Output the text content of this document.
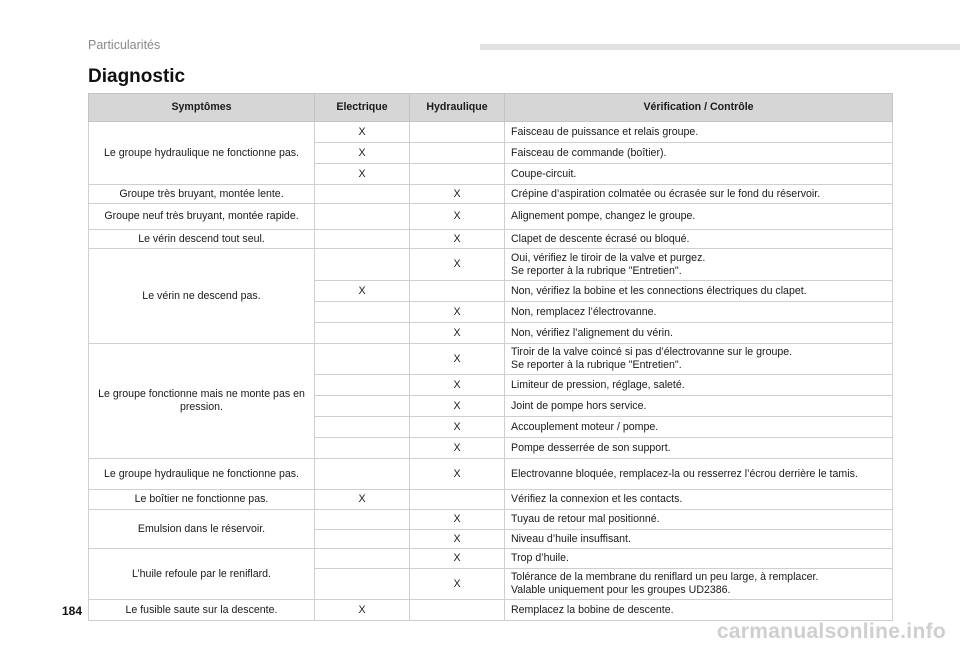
Particularités
Diagnostic
Symptômes	Electrique	Hydraulique	Vérification / Contrôle
Le groupe hydraulique ne fonctionne pas.	X		Faisceau de puissance et relais groupe.

	X		Faisceau de commande (boîtier).

	X		Coupe-circuit.

Groupe très bruyant, montée lente.		X	Crépine d’aspiration colmatée ou écrasée sur le fond du réservoir.

Groupe neuf très bruyant, montée rapide.		X	Alignement pompe, changez le groupe.

Le vérin descend tout seul.		X	Clapet de descente écrasé ou bloqué.

Le vérin ne descend pas.		X	Oui, vérifiez le tiroir de la valve et purgez.
Se reporter à la rubrique "Entretien".

	X		Non, vérifiez la bobine et les connections électriques du clapet.

		X	Non, remplacez l’électrovanne.

		X	Non, vérifiez l’alignement du vérin.

Le groupe fonctionne mais ne monte pas en pression.		X	Tiroir de la valve coincé si pas d’électrovanne sur le groupe.
Se reporter à la rubrique "Entretien".

		X	Limiteur de pression, réglage, saleté.

		X	Joint de pompe hors service.

		X	Accouplement moteur / pompe.

		X	Pompe desserrée de son support.

Le groupe hydraulique ne fonctionne pas.		X	Electrovanne bloquée, remplacez-la ou resserrez l’écrou derrière le tamis.

Le boîtier ne fonctionne pas.	X		Vérifiez la connexion et les contacts.

Emulsion dans le réservoir.		X	Tuyau de retour mal positionné.

		X	Niveau d’huile insuffisant.

L’huile refoule par le reniflard.		X	Trop d’huile.

		X	Tolérance de la membrane du reniflard un peu large, à remplacer.
Valable uniquement pour les groupes UD2386.

Le fusible saute sur la descente.	X		Remplacez la bobine de descente.
184
carmanualsonline.info
